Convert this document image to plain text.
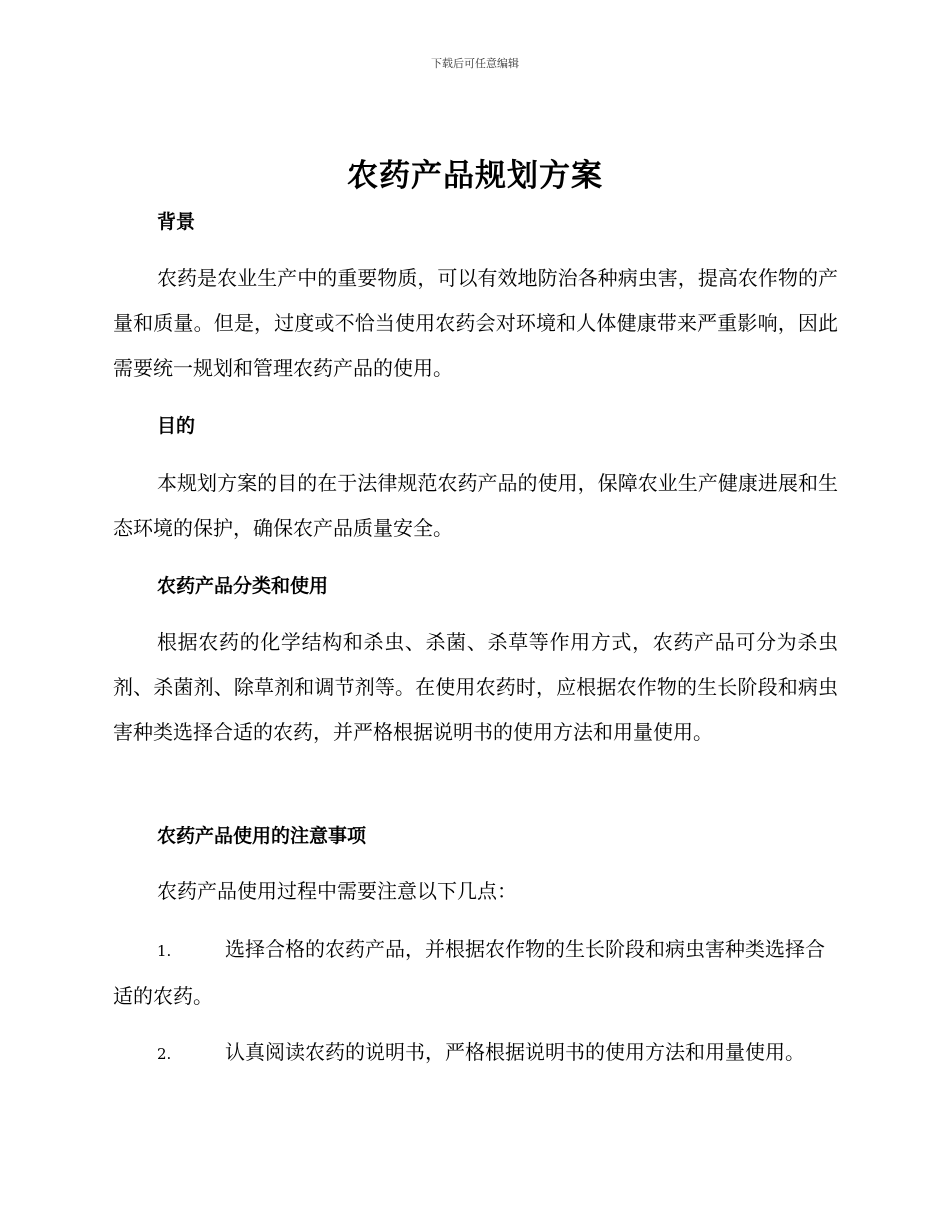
下载后可任意编辑
农药产品规划方案
背景

农药是农业生产中的重要物质，可以有效地防治各种病虫害，提高农作物的产量和质量。但是，过度或不恰当使用农药会对环境和人体健康带来严重影响，因此需要统一规划和管理农药产品的使用。

目的

本规划方案的目的在于法律规范农药产品的使用，保障农业生产健康进展和生态环境的保护，确保农产品质量安全。

农药产品分类和使用

根据农药的化学结构和杀虫、杀菌、杀草等作用方式，农药产品可分为杀虫剂、杀菌剂、除草剂和调节剂等。在使用农药时，应根据农作物的生长阶段和病虫害种类选择合适的农药，并严格根据说明书的使用方法和用量使用。

农药产品使用的注意事项

农药产品使用过程中需要注意以下几点：

1.	选择合格的农药产品，并根据农作物的生长阶段和病虫害种类选择合适的农药。

2.	认真阅读农药的说明书，严格根据说明书的使用方法和用量使用。
